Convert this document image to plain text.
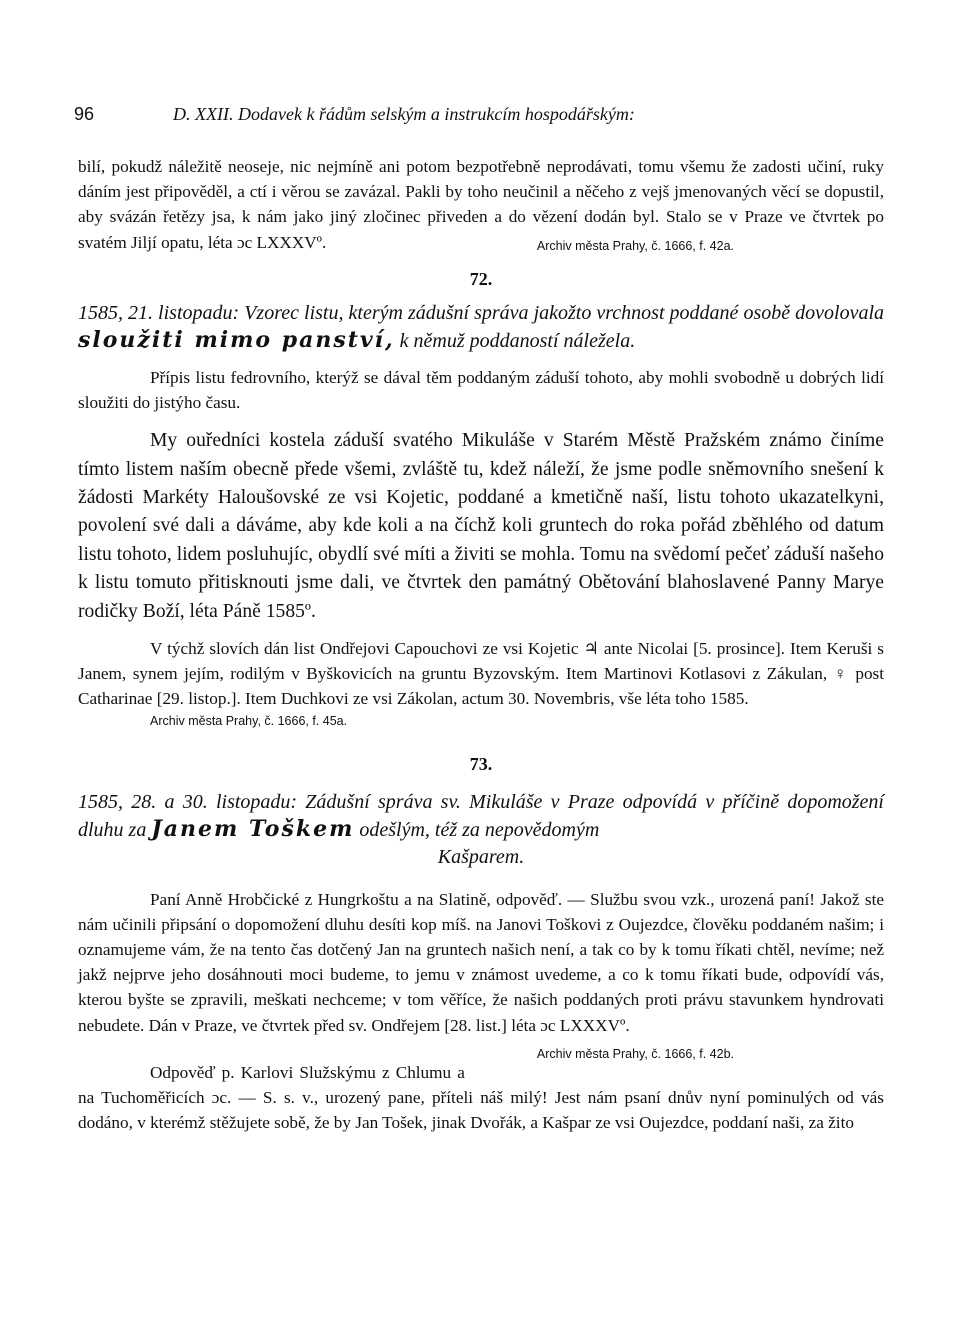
96	D. XXII. Dodavek k řádům selským a instrukcím hospodářským:

bilí, pokudž náležitě neoseje, nic nejmíně ani potom bezpotřebně neprodávati, tomu všemu že zadosti učiní, ruky dáním jest připověděl, a ctí i věrou se zavázal. Pakli by toho neučinil a něčeho z vejš jmenovaných věcí se dopustil, aby svázán řetězy jsa, k nám jako jiný zločinec přiveden a do vězení dodán byl. Stalo se v Praze ve čtvrtek po svatém Jiljí opatu, léta ɔc LXXXVº.	Archiv města Prahy, č. 1666, f. 42a.

72.

1585, 21. listopadu: Vzorec listu, kterým zádušní správa jakožto vrchnost poddané osobě dovolovala sloužiti mimo panství, k němuž poddaností náležela.

Přípis listu fedrovního, kterýž se dával těm poddaným záduší tohoto, aby mohli svobodně u dobrých lidí sloužiti do jistýho času.

My ouředníci kostela záduší svatého Mikuláše v Starém Městě Pražském známo činíme tímto listem naším obecně přede všemi, zvláště tu, kdež náleží, že jsme podle sněmovního snešení k žádosti Markéty Haloušovské ze vsi Kojetic, poddané a kmetičně naší, listu tohoto ukazatelkyni, povolení své dali a dáváme, aby kde koli a na číchž koli gruntech do roka pořád zběhlého od datum listu tohoto, lidem posluhujíc, obydlí své míti a živiti se mohla. Tomu na svědomí pečeť záduší našeho k listu tomuto přitisknouti jsme dali, ve čtvrtek den památný Obětování blahoslavené Panny Marye rodičky Boží, léta Páně 1585º.

V týchž slovích dán list Ondřejovi Capouchovi ze vsi Kojetic ♃ ante Nicolai [5. prosince]. Item Keruši s Janem, synem jejím, rodilým v Byškovicích na gruntu Byzovským. Item Martinovi Kotlasovi z Zákulan, ♀ post Catharinae [29. listop.]. Item Duchkovi ze vsi Zákolan, actum 30. Novembris, vše léta toho 1585.

Archiv města Prahy, č. 1666, f. 45a.
73.

1585, 28. a 30. listopadu: Zádušní správa sv. Mikuláše v Praze odpovídá v příčině dopomožení dluhu za Janem Toškem odešlým, též za nepovědomým

Kašparem.

Paní Anně Hrobčické z Hungrkoštu a na Slatině, odpověď. — Službu svou vzk., urozená paní! Jakož ste nám učinili připsání o dopomožení dluhu desíti kop míš. na Janovi Toškovi z Oujezdce, člověku poddaném našim; i oznamujeme vám, že na tento čas dotčený Jan na gruntech našich není, a tak co by k tomu říkati chtěl, nevíme; než jakž nejprve jeho dosáhnouti moci budeme, to jemu v známost uvedeme, a co k tomu říkati bude, odpovídí vás, kterou byšte se zpravili, meškati nechceme; v tom věříce, že našich poddaných proti právu stavunkem hyndrovati nebudete. Dán v Praze, ve čtvrtek před sv. Ondřejem [28. list.] léta ɔc LXXXVº.
Archiv města Prahy, č. 1666, f. 42b.

Odpověď p. Karlovi Služskýmu z Chlumu a na Tuchoměřicích ɔc. — S. s. v., urozený pane, příteli náš milý! Jest nám psaní dnův nyní pominulých od vás dodáno, v kterémž stěžujete sobě, že by Jan Tošek, jinak Dvořák, a Kašpar ze vsi Oujezdce, poddaní naši, za žito
